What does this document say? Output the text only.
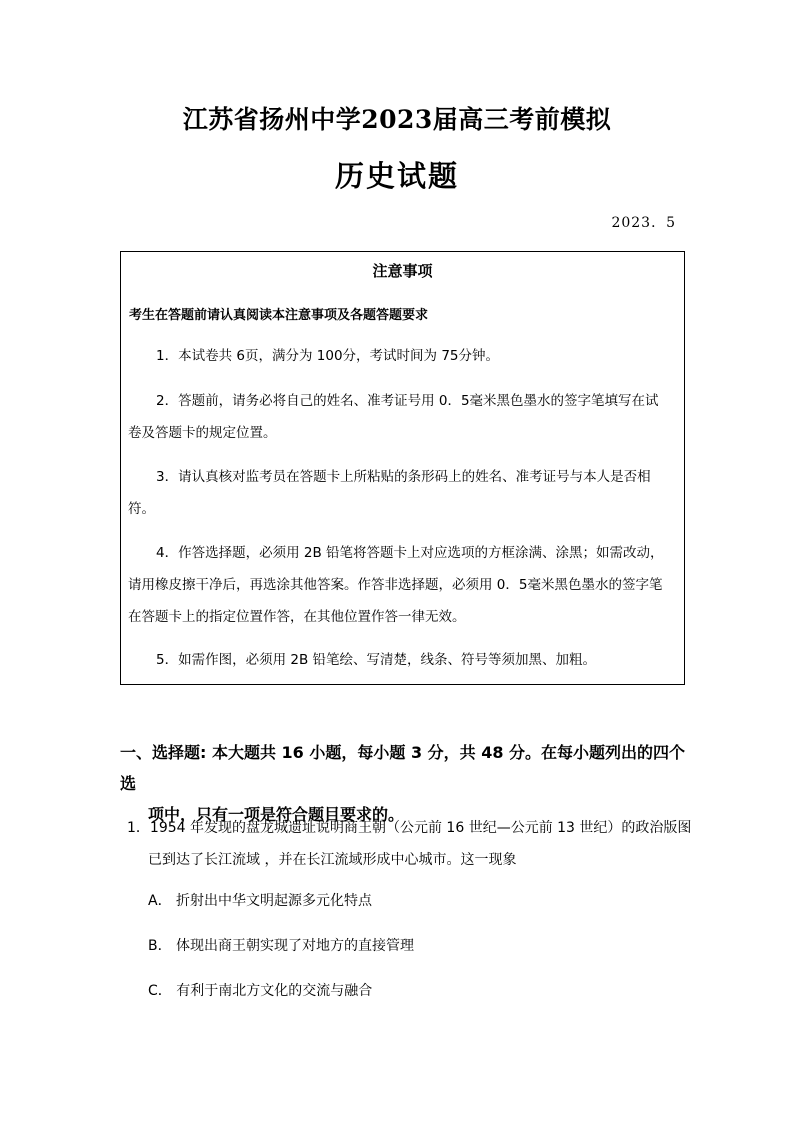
江苏省扬州中学2023届高三考前模拟
历史试题
2023．5
注意事项
考生在答题前请认真阅读本注意事项及各题答题要求
1．本试卷共 6页，满分为 100分，考试时间为 75分钟。
2．答题前，请务必将自己的姓名、准考证号用 0．5毫米黑色墨水的签字笔填写在试
卷及答题卡的规定位置。
3．请认真核对监考员在答题卡上所粘贴的条形码上的姓名、准考证号与本人是否相
符。
4．作答选择题，必须用 2B 铅笔将答题卡上对应选项的方框涂满、涂黑；如需改动，
请用橡皮擦干净后，再选涂其他答案。作答非选择题，必须用 0．5毫米黑色墨水的签字笔
在答题卡上的指定位置作答，在其他位置作答一律无效。
5．如需作图，必须用 2B 铅笔绘、写清楚，线条、符号等须加黑、加粗。
一、选择题: 本大题共 16 小题，每小题 3 分，共 48 分。在每小题列出的四个选
项中，只有一项是符合题目要求的。
1．1954 年发现的盘龙城遗址说明商王朝（公元前 16 世纪—公元前 13 世纪）的政治版图
已到达了长江流域 ，并在长江流域形成中心城市。这一现象
A． 折射出中华文明起源多元化特点
B． 体现出商王朝实现了对地方的直接管理
C． 有利于南北方文化的交流与融合
